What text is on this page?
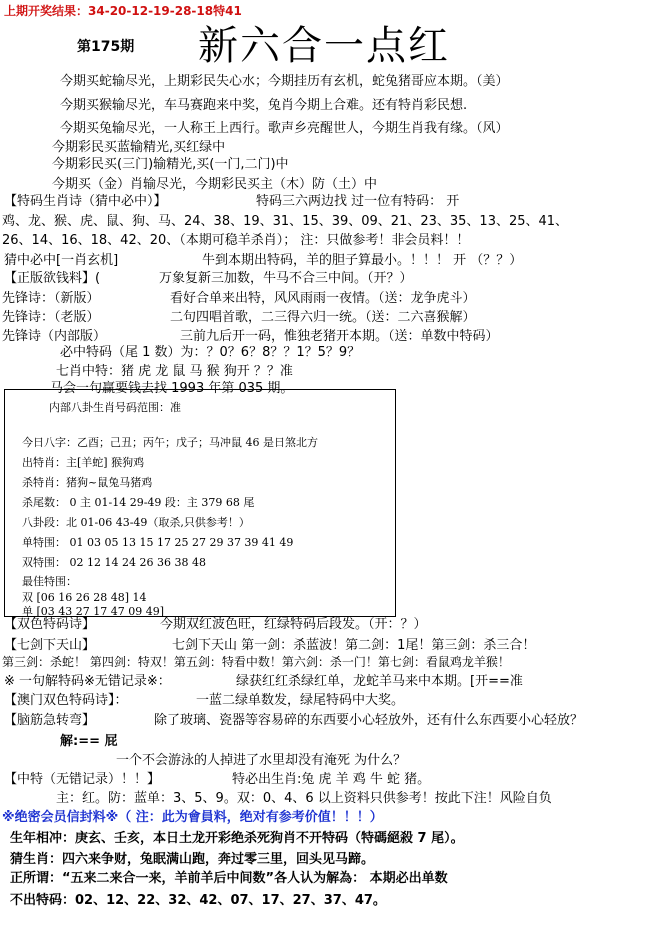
上期开奖结果：34-20-12-19-28-18特41
第175期 新六合一点红
今期买蛇输尽光，上期彩民失心水；今期挂历有玄机，蛇兔猪哥应本期。（美）
今期买猴输尽光，车马赛跑来中奖，兔肖今期上合难。还有特肖彩民想.
今期买兔输尽光，一人称王上西行。歌声乡亮醒世人，今期生肖我有缘。（风）
今期彩民买蓝输精光,买红绿中
今期彩民买(三门)输精光,买(一门,二门)中
今期买（金）肖输尽光，今期彩民买主（木）防（土）中
【特码生肖诗（猜中必中）】	特码三六两边找 过一位有特码： 开
鸡、龙、猴、虎、鼠、狗、马、24、38、19、31、15、39、09、21、23、35、13、25、41、
26、14、16、18、42、20、（本期可稳羊杀肖）； 注：只做参考！非会员料！！
猜中必中[一肖玄机]	牛到本期出特码，羊的胆子算最小。！！！ 开 （？？）
【正版欲钱料】(	万象复新三加数，牛马不合三中间。（开？）
先锋诗：（新版）	看好合单来出特，风风雨雨一夜情。（送：龙争虎斗）
先锋诗：（老版）	二句四唱首歌，二三得六归一统。（送：二六喜猴解）
先锋诗（内部版）	三前九后开一码，惟独老猪开本期。（送：单数中特码）
必中特码（尾 1 数）为：？0？6？8？？1？5？9？
七肖中特：猪 虎 龙 鼠 马 猴 狗开 ？？准
马会一句赢要钱去找 1993 年第 035 期。
内部八卦生肖号码范围：准
今日八字：乙酉；己丑；丙午；戊子；马冲鼠 46 是日煞北方
出特肖：主[羊蛇] 猴狗鸡
杀特肖：猪狗~鼠兔马猪鸡
杀尾数： 0 主 01-14 29-49 段：主 379 68 尾
八卦段：北 01-06 43-49（取杀,只供参考！）
单特围： 01 03 05 13 15 17 25 27 29 37 39 41 49
双特围： 02 12 14 24 26 36 38 48
最佳特围：
双 [06 16 26 28 48] 14
单 [03 43 27 17 47 09 49]
【双色特码诗】	今期双红波色旺，红绿特码后段发。（开：？）
【七剑下天山】	七剑下天山 第一剑：杀蓝波！第二剑：1尾！第三剑：杀三合！
第三剑：杀蛇！ 第四剑：特双！第五剑：特看中数！第六剑：杀一门！第七剑：看鼠鸡龙羊猴！
※ 一句解特码※无错记录※：	绿获红红杀绿红单，龙蛇羊马来中本期。[开==准
【澳门双色特码诗】：	一蓝二绿单数发，绿尾特码中大奖。
【脑筋急转弯】	除了玻璃、瓷器等容易碎的东西要小心轻放外，还有什么东西要小心轻放？
解:== 屁
一个不会游泳的人掉进了水里却没有淹死 为什么？
【中特（无错记录）！！】	特必出生肖:兔 虎 羊 鸡 牛 蛇 猪。
主：红。防：蓝单：3、5、9。双：0、4、6 以上资料只供参考！按此下注！风险自负
※绝密会员信封料※（ 注：此为會員料，绝对有参考价值！！！）
生年相冲：庚玄、壬亥，本日土龙开彩绝杀死狗肖不开特码（特碼絕殺 7 尾）。
猜生肖：四六来争财，兔眠满山跑，奔过零三里，回头见马蹄。
正所谓：“五来二来合一来，羊前羊后中间数”各人认为解為： 本期必出单数
不出特码：02、12、22、32、42、07、17、27、37、47。
